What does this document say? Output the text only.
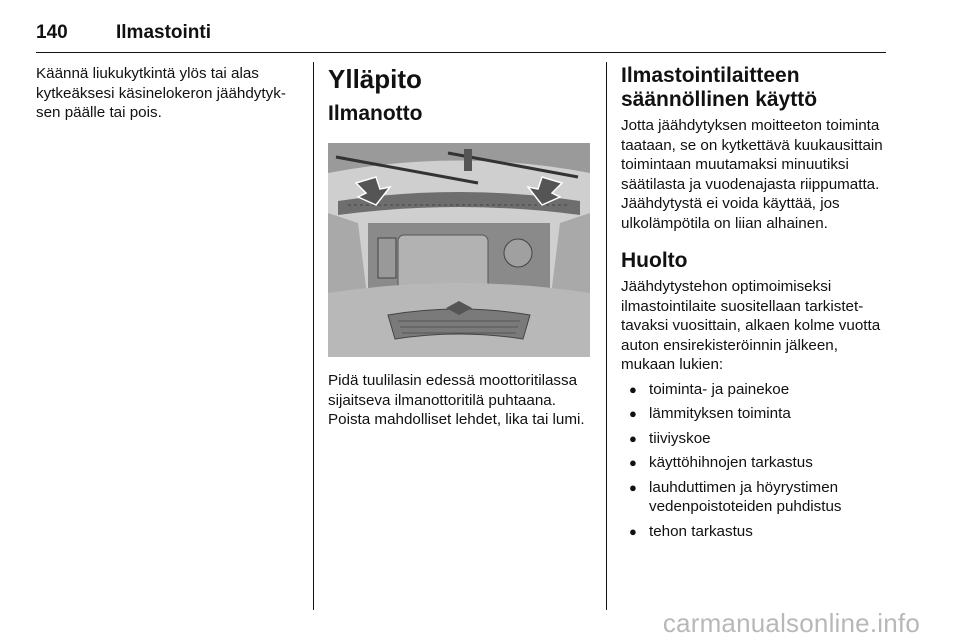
140	Ilmastointi

Käännä liukukytkintä ylös tai alas kytkeäksesi käsinelokeron jäähdytyksen päälle tai pois.

Ylläpito
Ilmanotto

Pidä tuulilasin edessä moottoritilassa sijaitseva ilmanottoritilä puhtaana. Poista mahdolliset lehdet, lika tai lumi.

Ilmastointilaitteen säännöllinen käyttö

Jotta jäähdytyksen moitteeton toiminta taataan, se on kytkettävä kuukausittain toimintaan muutamaksi minuutiksi säätilasta ja vuodenajasta riippumatta. Jäähdytystä ei voida käyttää, jos ulkolämpötila on liian alhainen.

Huolto

Jäähdytystehon optimoimiseksi ilmastointilaite suositellaan tarkistettavaksi vuosittain, alkaen kolme vuotta auton ensirekisteröinnin jälkeen, mukaan lukien:

● toiminta- ja painekoe
● lämmityksen toiminta
● tiiviyskoe
● käyttöhihnojen tarkastus
● lauhduttimen ja höyrystimen vedenpoistoteiden puhdistus
● tehon tarkastus
carmanualsonline.info
